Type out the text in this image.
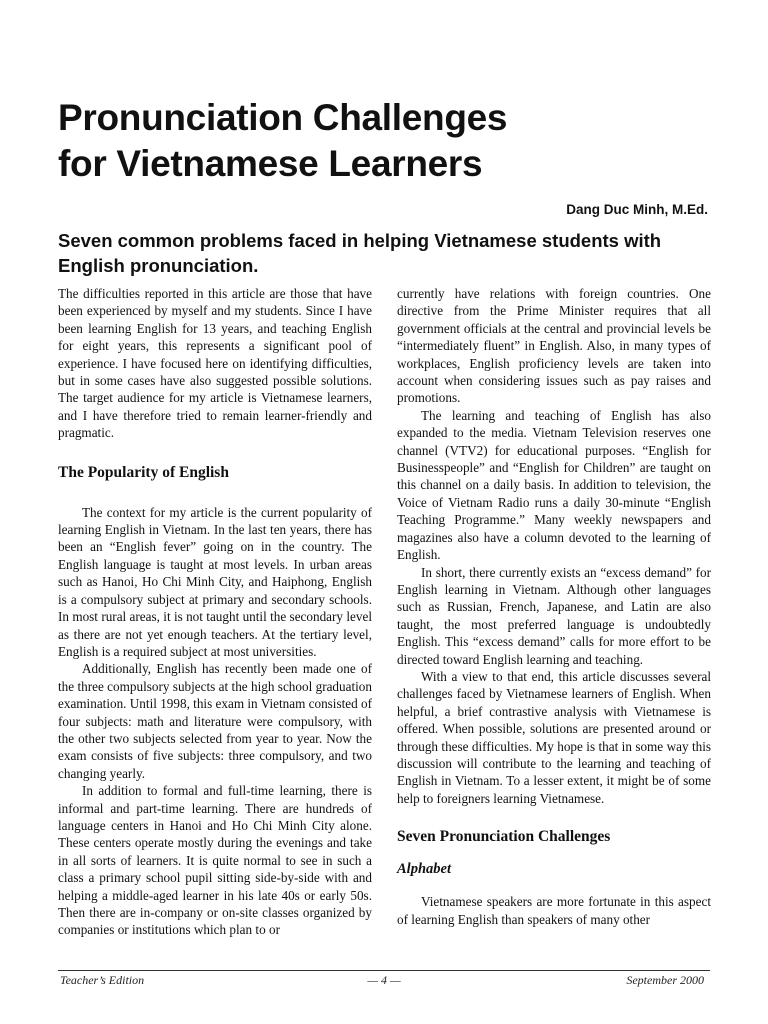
Pronunciation Challenges
for Vietnamese Learners
Dang Duc Minh, M.Ed.
Seven common problems faced in helping Vietnamese students with English pronunciation.

The difficulties reported in this article are those that have been experienced by myself and my students. Since I have been learning English for 13 years, and teaching English for eight years, this represents a significant pool of experience. I have focused here on identifying difficulties, but in some cases have also suggested possible solutions. The target audience for my article is Vietnamese learners, and I have therefore tried to remain learner-friendly and pragmatic.

The Popularity of English

The context for my article is the current popularity of learning English in Vietnam. In the last ten years, there has been an “English fever” going on in the country. The English language is taught at most levels. In urban areas such as Hanoi, Ho Chi Minh City, and Haiphong, English is a compulsory subject at primary and secondary schools. In most rural areas, it is not taught until the secondary level as there are not yet enough teachers. At the tertiary level, English is a required subject at most universities.

Additionally, English has recently been made one of the three compulsory subjects at the high school graduation examination. Until 1998, this exam in Vietnam consisted of four subjects: math and literature were compulsory, with the other two subjects selected from year to year. Now the exam consists of five subjects: three compulsory, and two changing yearly.

In addition to formal and full-time learning, there is informal and part-time learning. There are hundreds of language centers in Hanoi and Ho Chi Minh City alone. These centers operate mostly during the evenings and take in all sorts of learners. It is quite normal to see in such a class a primary school pupil sitting side-by-side with and helping a middle-aged learner in his late 40s or early 50s. Then there are in-company or on-site classes organized by companies or institutions which plan to or

currently have relations with foreign countries. One directive from the Prime Minister requires that all government officials at the central and provincial levels be “intermediately fluent” in English. Also, in many types of workplaces, English proficiency levels are taken into account when considering issues such as pay raises and promotions.

The learning and teaching of English has also expanded to the media. Vietnam Television reserves one channel (VTV2) for educational purposes. “English for Businesspeople” and “English for Children” are taught on this channel on a daily basis. In addition to television, the Voice of Vietnam Radio runs a daily 30-minute “English Teaching Programme.” Many weekly newspapers and magazines also have a column devoted to the learning of English.

In short, there currently exists an “excess demand” for English learning in Vietnam. Although other languages such as Russian, French, Japanese, and Latin are also taught, the most preferred language is undoubtedly English. This “excess demand” calls for more effort to be directed toward English learning and teaching.

With a view to that end, this article discusses several challenges faced by Vietnamese learners of English. When helpful, a brief contrastive analysis with Vietnamese is offered. When possible, solutions are presented around or through these difficulties. My hope is that in some way this discussion will contribute to the learning and teaching of English in Vietnam. To a lesser extent, it might be of some help to foreigners learning Vietnamese.

Seven Pronunciation Challenges
Alphabet

Vietnamese speakers are more fortunate in this aspect of learning English than speakers of many other

Teacher’s Edition	— 4 —	September 2000
